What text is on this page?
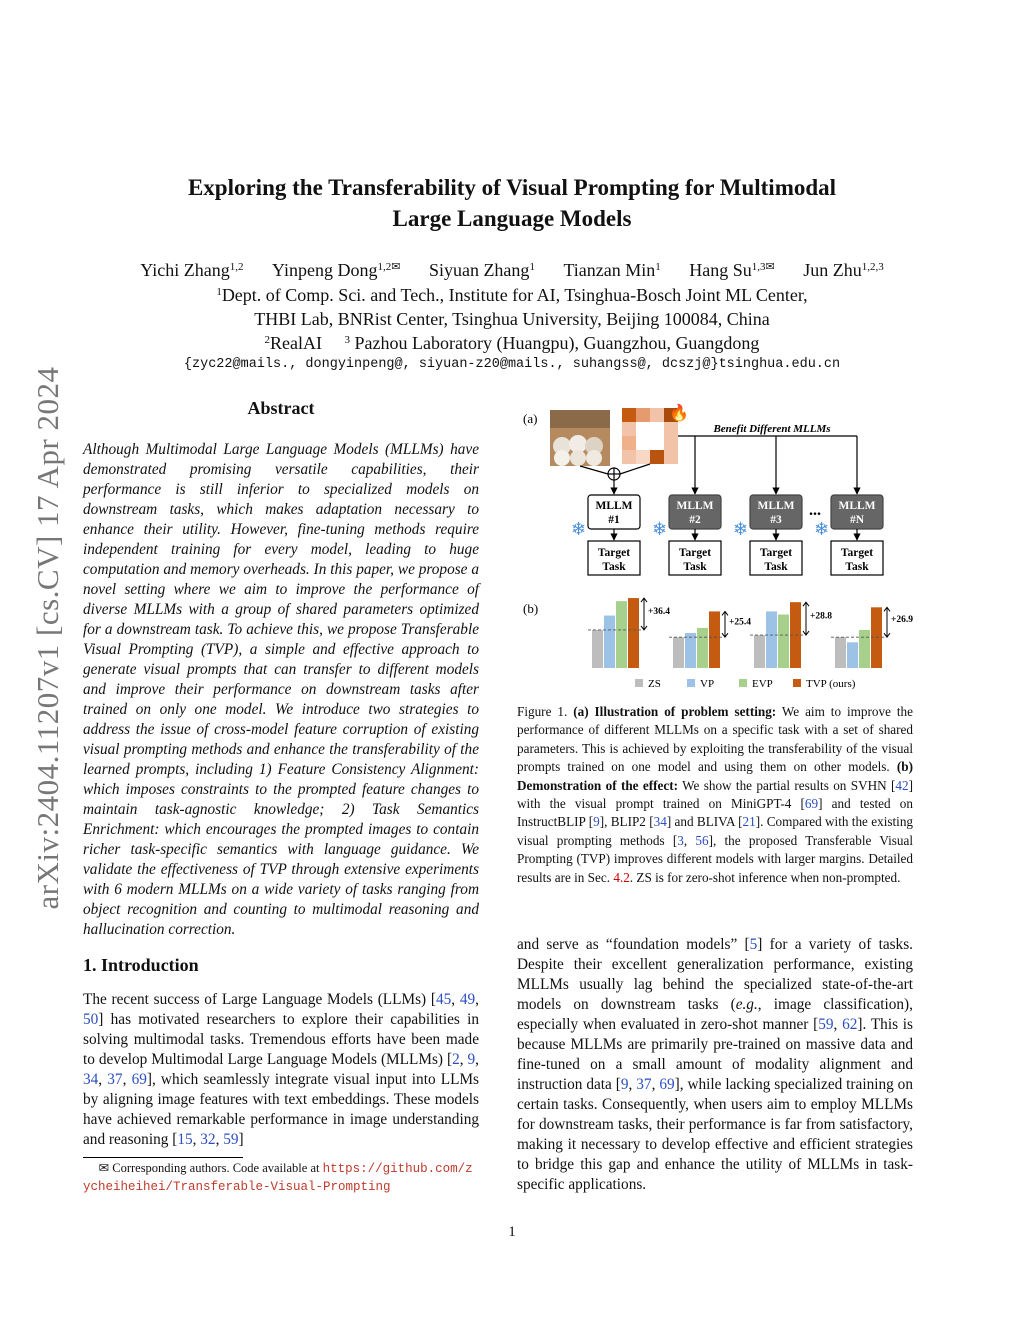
arXiv:2404.11207v1 [cs.CV] 17 Apr 2024
Exploring the Transferability of Visual Prompting for Multimodal
Large Language Models
Yichi Zhang$^{1,2}$ Yinpeng Dong$^{1,2✉}$ Siyuan Zhang$^1$ Tianzan Min$^1$ Hang $Su^{1,3✉}$ Jun Zhu$^{1,2,3}$
$^1$Dept. of Comp. Sci. and Tech., Institute for AI, Tsinghua-Bosch Joint ML Center,
THBI Lab, BNRist Center, Tsinghua University, Beijing 100084, China
$^2$RealAI $^3$ Pazhou Laboratory (Huangpu), Guangzhou, Guangdong
{zyc22@mails., dongyinpeng@, siyuan-z20@mails., suhangss@, dcszj@}tsinghua.edu.cn
Abstract
Although Multimodal Large Language Models (MLLMs) have demonstrated promising versatile capabilities, their performance is still inferior to specialized models on downstream tasks, which makes adaptation necessary to enhance their utility. However, fine-tuning methods require independent training for every model, leading to huge computation and memory overheads. In this paper, we propose a novel setting where we aim to improve the performance of diverse MLLMs with a group of shared parameters optimized for a downstream task. To achieve this, we propose Transferable Visual Prompting (TVP), a simple and effective approach to generate visual prompts that can transfer to different models and improve their performance on downstream tasks after trained on only one model. We introduce two strategies to address the issue of cross-model feature corruption of existing visual prompting methods and enhance the transferability of the learned prompts, including 1) Feature Consistency Alignment: which imposes constraints to the prompted feature changes to maintain task-agnostic knowledge; 2) Task Semantics Enrichment: which encourages the prompted images to contain richer task-specific semantics with language guidance. We validate the effectiveness of TVP through extensive experiments with 6 modern MLLMs on a wide variety of tasks ranging from object recognition and counting to multimodal reasoning and hallucination correction.
1. Introduction
The recent success of Large Language Models (LLMs) [45, 49, 50] has motivated researchers to explore their capabilities in solving multimodal tasks. Tremendous efforts have been made to develop Multimodal Large Language Models (MLLMs) [2, 9, 34, 37, 69], which seamlessly integrate visual input into LLMs by aligning image features with text embeddings. These models have achieved remarkable performance in image understanding and reasoning [15, 32, 59]
✉ Corresponding authors. Code available at https://github.com/zycheiheihei/Transferable-Visual-Prompting
(a)	🔥
Benefit Different MLLMs
MLLM
#1
MLLM
#2
MLLM
#3
... MLLM
#N
❄	❄	❄	❄
Target
Task
Target
Task
Target
Task
Target
Task
(b)	+36.4
+25.4
+28.8	+26.9
ZS	VP	EVP	TVP (ours)
Figure 1. (a) Illustration of problem setting: We aim to improve the performance of different MLLMs on a specific task with a set of shared parameters. This is achieved by exploiting the transferability of the visual prompts trained on one model and using them on other models. (b) Demonstration of the effect: We show the partial results on SVHN [42] with the visual prompt trained on MiniGPT-4 [69] and tested on InstructBLIP [9], BLIP2 [34] and BLIVA [21]. Compared with the existing visual prompting methods [3, 56], the proposed Transferable Visual Prompting (TVP) improves different models with larger margins. Detailed results are in Sec. 4.2. ZS is for zero-shot inference when non-prompted.
and serve as “foundation models” [5] for a variety of tasks. Despite their excellent generalization performance, existing MLLMs usually lag behind the specialized state-of-the-art models on downstream tasks (e.g., image classification), especially when evaluated in zero-shot manner [59, 62]. This is because MLLMs are primarily pre-trained on massive data and fine-tuned on a small amount of modality alignment and instruction data [9, 37, 69], while lacking specialized training on certain tasks. Consequently, when users aim to employ MLLMs for downstream tasks, their performance is far from satisfactory, making it necessary to develop effective and efficient strategies to bridge this gap and enhance the utility of MLLMs in task-specific applications.
1
